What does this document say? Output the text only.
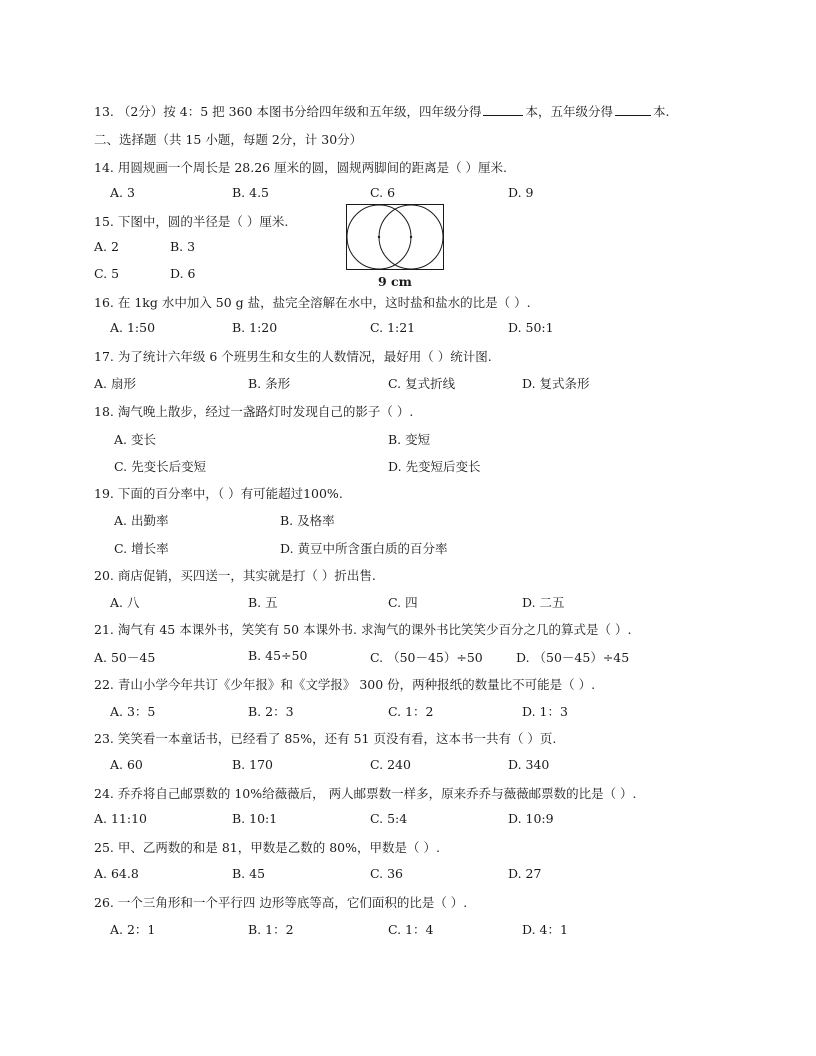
13. （2分）按 4：5 把 360 本图书分给四年级和五年级，四年级分得	本，五年级分得	本.
二、选择题（共 15 小题，每题 2分，计 30分）
14. 用圆规画一个周长是 28.26 厘米的圆，圆规两脚间的距离是（ ）厘米.
A. 3	B. 4.5	C. 6	D. 9
15. 下图中，圆的半径是（ ）厘米.
A. 2	B. 3
C. 5	D. 6
9 cm
16. 在 1kg 水中加入 50 g 盐，盐完全溶解在水中，这时盐和盐水的比是（ ）.
A. 1:50	B. 1:20	C. 1:21	D. 50:1
17. 为了统计六年级 6 个班男生和女生的人数情况，最好用（ ）统计图.
A. 扇形	B. 条形	C. 复式折线	D. 复式条形
18. 淘气晚上散步，经过一盏路灯时发现自己的影子（ ）.
A. 变长	B. 变短
C. 先变长后变短	D. 先变短后变长
19. 下面的百分率中，（ ）有可能超过100%.
A. 出勤率	B. 及格率
C. 增长率	D. 黄豆中所含蛋白质的百分率
20. 商店促销，买四送一，其实就是打（ ）折出售.
A. 八	B. 五	C. 四	D. 二五
21. 淘气有 45 本课外书，笑笑有 50 本课外书. 求淘气的课外书比笑笑少百分之几的算式是（ ）.
A. 50－45	B. 45÷50	C. （50－45）÷50	D. （50－45）÷45
22. 青山小学今年共订《少年报》和《文学报》 300 份，两种报纸的数量比不可能是（ ）.
A. 3：5	B. 2：3	C. 1：2	D. 1：3
23. 笑笑看一本童话书，已经看了 85%，还有 51 页没有看，这本书一共有（ ）页.
A. 60	B. 170	C. 240	D. 340
24. 乔乔将自己邮票数的 10%给薇薇后， 两人邮票数一样多，原来乔乔与薇薇邮票数的比是（ ）.
A. 11:10	B. 10:1	C. 5:4	D. 10:9
25. 甲、乙两数的和是 81，甲数是乙数的 80%，甲数是（ ）.
A. 64.8	B. 45	C. 36	D. 27
26. 一个三角形和一个平行四 边形等底等高，它们面积的比是（ ）.
A. 2：1	B. 1：2	C. 1：4	D. 4：1
